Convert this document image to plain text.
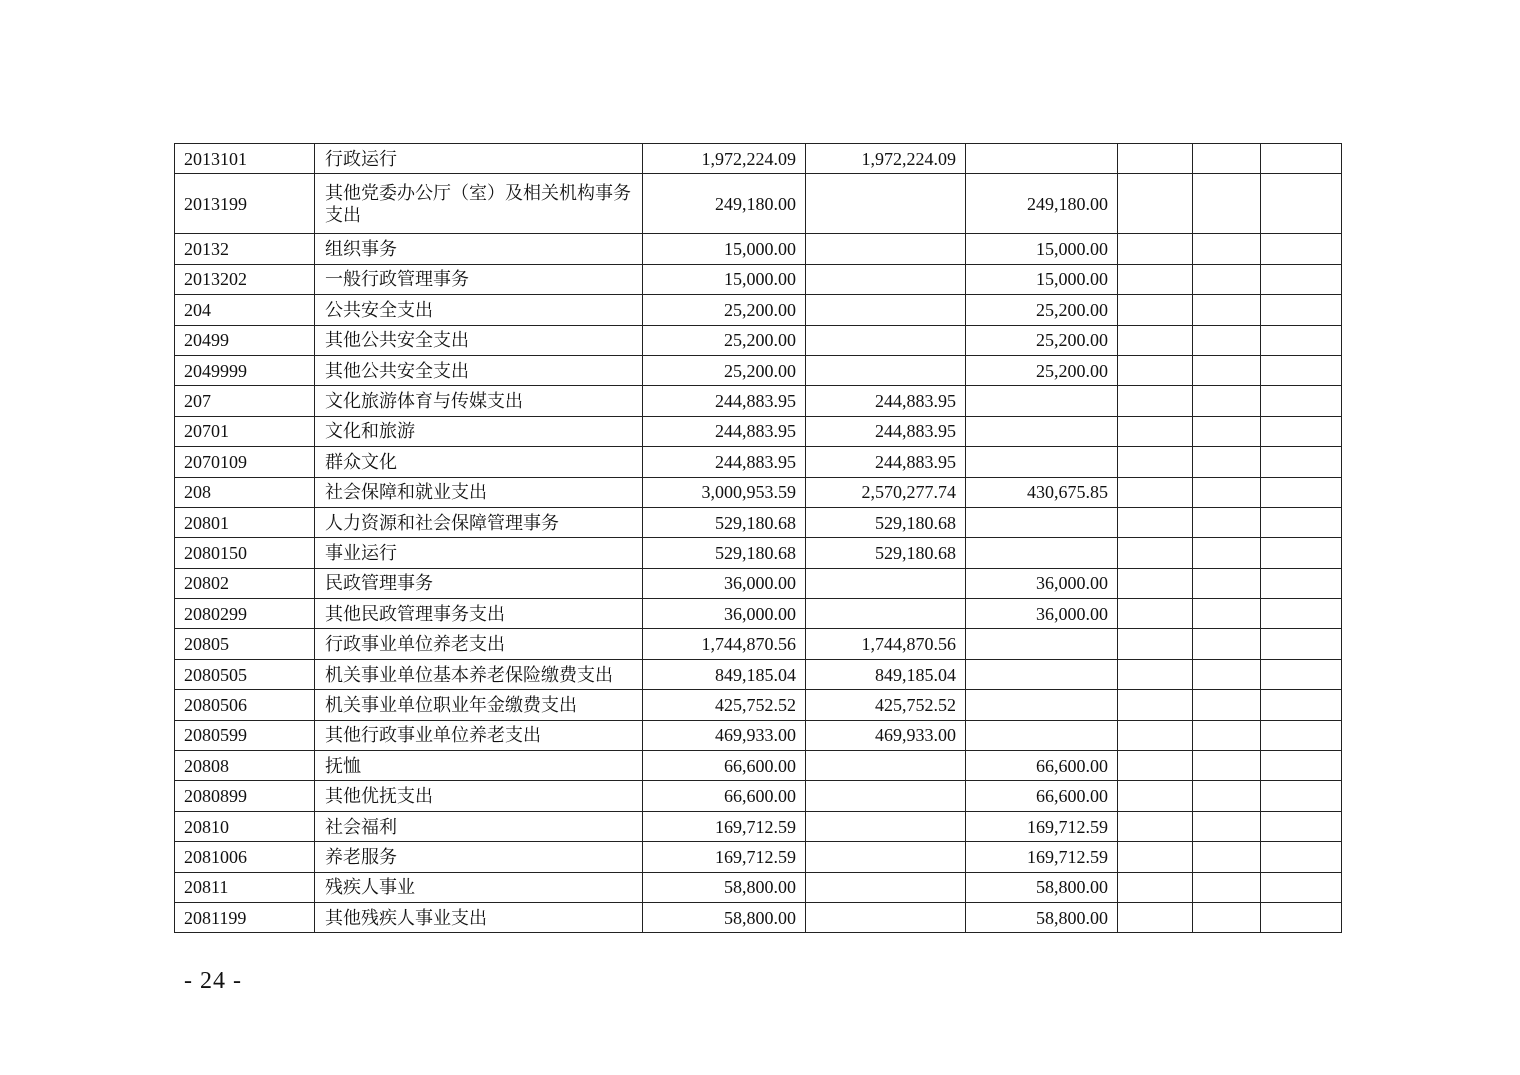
2013101	行政运行	1,972,224.09	1,972,224.09				
2013199	其他党委办公厅（室）及相关机构事务支出	249,180.00		249,180.00			
20132	组织事务	15,000.00		15,000.00			
2013202	一般行政管理事务	15,000.00		15,000.00			
204	公共安全支出	25,200.00		25,200.00			
20499	其他公共安全支出	25,200.00		25,200.00			
2049999	其他公共安全支出	25,200.00		25,200.00			
207	文化旅游体育与传媒支出	244,883.95	244,883.95				
20701	文化和旅游	244,883.95	244,883.95				
2070109	群众文化	244,883.95	244,883.95				
208	社会保障和就业支出	3,000,953.59	2,570,277.74	430,675.85			
20801	人力资源和社会保障管理事务	529,180.68	529,180.68				
2080150	事业运行	529,180.68	529,180.68				
20802	民政管理事务	36,000.00		36,000.00			
2080299	其他民政管理事务支出	36,000.00		36,000.00			
20805	行政事业单位养老支出	1,744,870.56	1,744,870.56				
2080505	机关事业单位基本养老保险缴费支出	849,185.04	849,185.04				
2080506	机关事业单位职业年金缴费支出	425,752.52	425,752.52				
2080599	其他行政事业单位养老支出	469,933.00	469,933.00				
20808	抚恤	66,600.00		66,600.00			
2080899	其他优抚支出	66,600.00		66,600.00			
20810	社会福利	169,712.59		169,712.59			
2081006	养老服务	169,712.59		169,712.59			
20811	残疾人事业	58,800.00		58,800.00			
2081199	其他残疾人事业支出	58,800.00		58,800.00			
- 24 -
